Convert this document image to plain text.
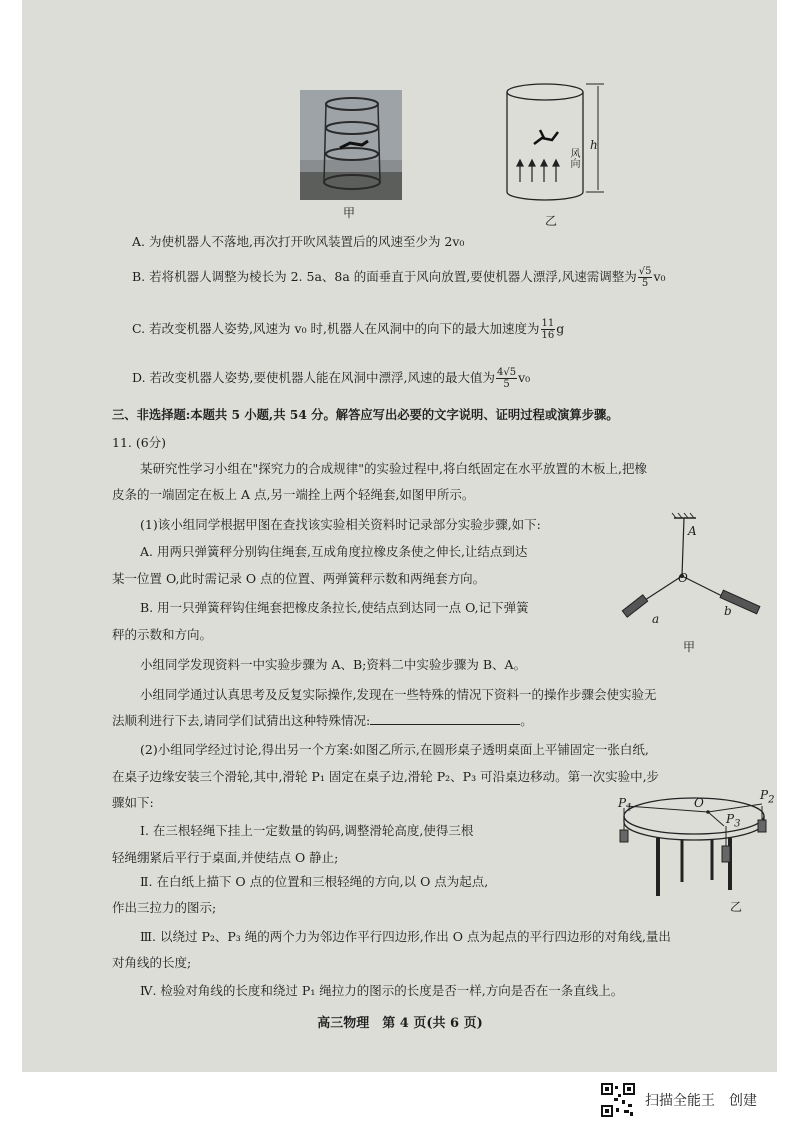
甲
h
风向
乙
A. 为使机器人不落地,再次打开吹风装置后的风速至少为 2v₀
B. 若将机器人调整为棱长为 2. 5a、8a 的面垂直于风向放置,要使机器人漂浮,风速需调整为 $\frac{√5}{5} v_0$
C. 若改变机器人姿势,风速为 v₀ 时,机器人在风洞中的向下的最大加速度为 $\frac{11}{16}$ g
D. 若改变机器人姿势,要使机器人能在风洞中漂浮,风速的最大值为 $\frac{4√5}{5} v_0$
三、非选择题:本题共 5 小题,共 54 分。解答应写出必要的文字说明、证明过程或演算步骤。
11. (6分)
某研究性学习小组在"探究力的合成规律"的实验过程中,将白纸固定在水平放置的木板上,把橡
皮条的一端固定在板上 A 点,另一端拴上两个轻绳套,如图甲所示。
(1)该小组同学根据甲图在查找该实验相关资料时记录部分实验步骤,如下:
A. 用两只弹簧秤分别钩住绳套,互成角度拉橡皮条使之伸长,让结点到达
某一位置 O,此时需记录 O 点的位置、两弹簧秤示数和两绳套方向。
B. 用一只弹簧秤钩住绳套把橡皮条拉长,使结点到达同一点 O,记下弹簧
秤的示数和方向。
小组同学发现资料一中实验步骤为 A、B;资料二中实验步骤为 B、A。
小组同学通过认真思考及反复实际操作,发现在一些特殊的情况下资料一的操作步骤会使实验无
法顺利进行下去,请同学们试猜出这种特殊情况:	。
A
O
a
b
甲
(2)小组同学经过讨论,得出另一个方案:如图乙所示,在圆形桌子透明桌面上平铺固定一张白纸,
在桌子边缘安装三个滑轮,其中,滑轮 P₁ 固定在桌子边,滑轮 P₂、P₃ 可沿桌边移动。第一次实验中,步
骤如下:
Ⅰ. 在三根轻绳下挂上一定数量的钩码,调整滑轮高度,使得三根
轻绳绷紧后平行于桌面,并使结点 O 静止;
Ⅱ. 在白纸上描下 O 点的位置和三根轻绳的方向,以 O 点为起点,
作出三拉力的图示;
Ⅲ. 以绕过 P₂、P₃ 绳的两个力为邻边作平行四边形,作出 O 点为起点的平行四边形的对角线,量出
对角线的长度;
Ⅳ. 检验对角线的长度和绕过 P₁ 绳拉力的图示的长度是否一样,方向是否在一条直线上。
$P_1$
$P_2$
$P_3$
O
乙
高三物理　第 4 页(共 6 页)
扫描全能王　创建
